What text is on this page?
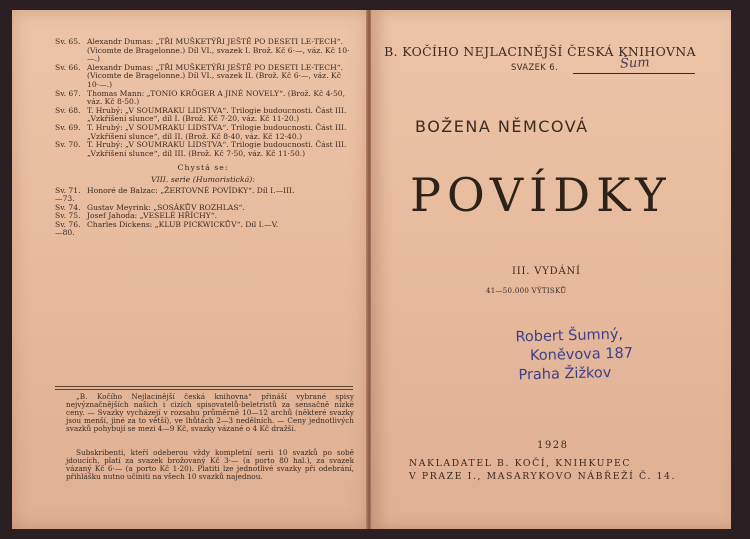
Sv. 65. Alexandr Dumas: „TŘI MUŠKETÝŘI JEŠTĚ PO DESETI LE-TECH“. (Vicomte de Bragelonne.) Díl VI., svazek I. Brož. Kč 6·—, váz. Kč 10·—.)
Sv. 66. Alexandr Dumas: „TŘI MUŠKETÝŘI JEŠTĚ PO DESETI LE-TECH“. (Vicomte de Bragelonne.) Díl VI., svazek II. (Brož. Kč 6·—, váz. Kč 10·—.)
Sv. 67. Thomas Mann: „TONIO KRÖGER A JINÉ NOVELY“. (Brož. Kč 4·50, váz. Kč 8·50.)
Sv. 68. T. Hrubý: „V SOUMRAKU LIDSTVA“. Trilogie budoucnosti. Část III. „Vzkříšení slunce“, díl I. (Brož. Kč 7·20, váz. Kč 11·20.)
Sv. 69. T. Hrubý: „V SOUMRAKU LIDSTVA“. Trilogie budoucnosti. Část III. „Vzkříšení slunce“, díl II. (Brož. Kč 8·40, váz. Kč 12·40.)
Sv. 70. T. Hrubý: „V SOUMRAKU LIDSTVA“. Trilogie budoucnosti. Část III. „Vzkříšení slunce“, díl III. (Brož. Kč 7·50, váz. Kč 11·50.)
Chystá se:
VIII. serie (Humoristická):
Sv. 71.—73.
Honoré de Balzac: „ŽERTOVNÉ POVÍDKY“. Díl I.—III.
Sv. 74. Gustav Meyrink: „SOSÁKŮV ROZHLAS“.
Sv. 75. Josef Jahoda: „VESELÉ HŘÍCHY“.
Sv. 76.—80.
Charles Dickens: „KLUB PICKWICKŮV“. Díl I.—V.
„B. Kočího Nejlacinější česká knihovna“ přináší vybrané spisy nejvýznačnějších našich i cizích spisovatelů-beletristů za sensačně nízké ceny. — Svazky vycházejí v rozsahu průměrně 10—12 archů (některé svazky jsou menší, jiné za to větší), ve lhůtách 2—3 nedělních. — Ceny jednotlivých svazků pohybují se mezi 4—9 Kč, svazky vázané o 4 Kč dražší.
Subskribenti, kteří odeberou vždy kompletní serii 10 svazků po sobě jdoucích, platí za svazek brožovaný Kč 3·— (a porto 80 hal.), za svazek vázaný Kč 6·— (a porto Kč 1·20). Platiti lze jednotlivé svazky při odebrání, přihlášku nutno učiniti na všech 10 svazků najednou.
B. KOČÍHO NEJLACINĚJŠÍ ČESKÁ KNIHOVNA
SVAZEK 6.	Šum
BOŽENA NĚMCOVÁ
POVÍDKY
III. VYDÁNÍ
41—50.000 VÝTISKŮ
Robert Šumný,
Koněvova 187
Praha Žižkov
1928
NAKLADATEL B. KOČÍ, KNIHKUPEC
V PRAZE I., MASARYKOVO NÁBŘEŽÍ Č. 14.
